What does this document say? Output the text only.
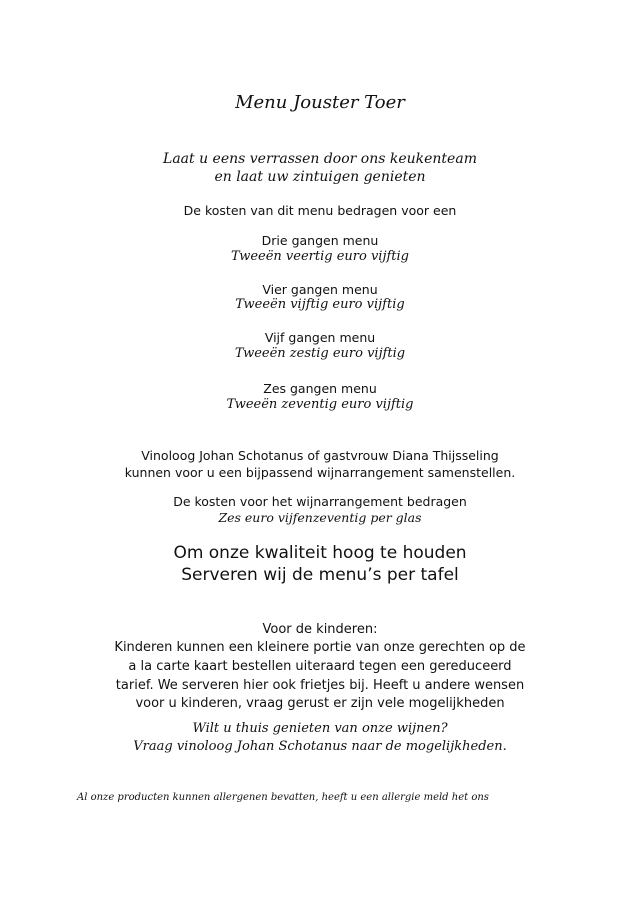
Menu Jouster Toer
Laat u eens verrassen door ons keukenteam
en laat uw zintuigen genieten
De kosten van dit menu bedragen voor een
Drie gangen menu
Tweeën veertig euro vijftig
Vier gangen menu
Tweeën vijftig euro vijftig
Vijf gangen menu
Tweeën zestig euro vijftig
Zes gangen menu
Tweeën zeventig euro vijftig
Vinoloog Johan Schotanus of gastvrouw Diana Thijsseling
kunnen voor u een bijpassend wijnarrangement samenstellen.
De kosten voor het wijnarrangement bedragen
Zes euro vijfenzeventig per glas
Om onze kwaliteit hoog te houden
Serveren wij de menu’s per tafel
Voor de kinderen:
Kinderen kunnen een kleinere portie van onze gerechten op de
a la carte kaart bestellen uiteraard tegen een gereduceerd
tarief. We serveren hier ook frietjes bij. Heeft u andere wensen
voor u kinderen, vraag gerust er zijn vele mogelijkheden
Wilt u thuis genieten van onze wijnen?
Vraag vinoloog Johan Schotanus naar de mogelijkheden.
Al onze producten kunnen allergenen bevatten, heeft u een allergie meld het ons
